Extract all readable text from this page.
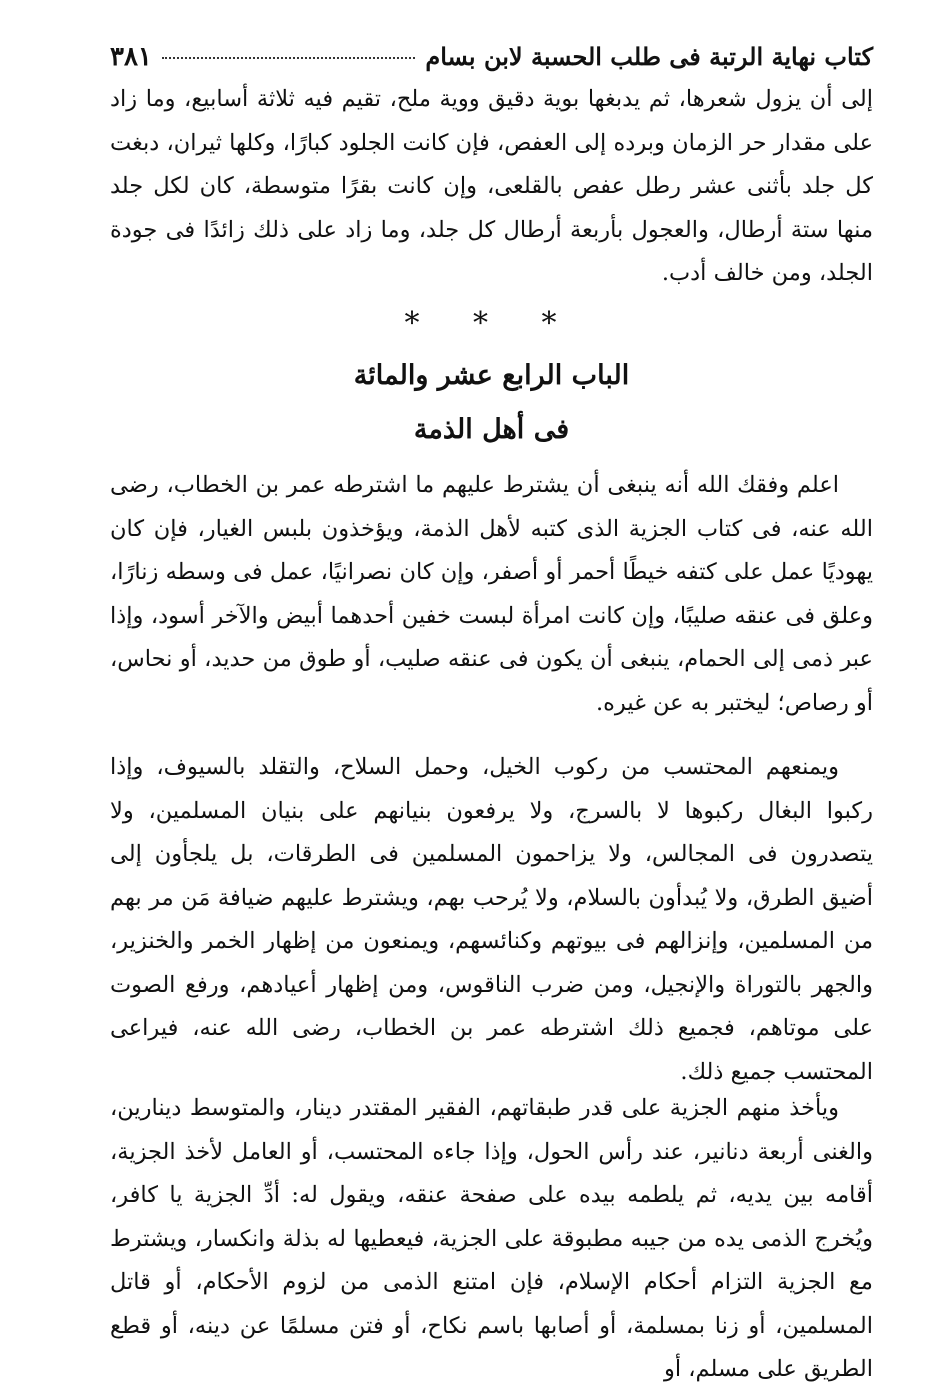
كتاب نهاية الرتبة فى طلب الحسبة لابن بسام
٣٨١
إلى أن يزول شعرها، ثم يدبغها بوية دقيق ووية ملح، تقيم فيه ثلاثة أسابيع، وما زاد على مقدار حر الزمان وبرده إلى العفص، فإن كانت الجلود كبارًا، وكلها ثيران، دبغت كل جلد بأثنى عشر رطل عفص بالقلعى، وإن كانت بقرًا متوسطة، كان لكل جلد منها ستة أرطال، والعجول بأربعة أرطال كل جلد، وما زاد على ذلك زائدًا فى جودة الجلد، ومن خالف أدب.
* * *
الباب الرابع عشر والمائة
فى أهل الذمة
اعلم وفقك الله أنه ينبغى أن يشترط عليهم ما اشترطه عمر بن الخطاب، رضى الله عنه، فى كتاب الجزية الذى كتبه لأهل الذمة، ويؤخذون بلبس الغيار، فإن كان يهوديًا عمل على كتفه خيطًا أحمر أو أصفر، وإن كان نصرانيًا، عمل فى وسطه زنارًا، وعلق فى عنقه صليبًا، وإن كانت امرأة لبست خفين أحدهما أبيض والآخر أسود، وإذا عبر ذمى إلى الحمام، ينبغى أن يكون فى عنقه صليب، أو طوق من حديد، أو نحاس، أو رصاص؛ ليختبر به عن غيره.
ويمنعهم المحتسب من ركوب الخيل، وحمل السلاح، والتقلد بالسيوف، وإذا ركبوا البغال ركبوها لا بالسرج، ولا يرفعون بنيانهم على بنيان المسلمين، ولا يتصدرون فى المجالس، ولا يزاحمون المسلمين فى الطرقات، بل يلجأون إلى أضيق الطرق، ولا يُبدأون بالسلام، ولا يُرحب بهم، ويشترط عليهم ضيافة مَن مر بهم من المسلمين، وإنزالهم فى بيوتهم وكنائسهم، ويمنعون من إظهار الخمر والخنزير، والجهر بالتوراة والإنجيل، ومن ضرب الناقوس، ومن إظهار أعيادهم، ورفع الصوت على موتاهم، فجميع ذلك اشترطه عمر بن الخطاب، رضى الله عنه، فيراعى المحتسب جميع ذلك.
ويأخذ منهم الجزية على قدر طبقاتهم، الفقير المقتدر دينار، والمتوسط دينارين، والغنى أربعة دنانير، عند رأس الحول، وإذا جاءه المحتسب، أو العامل لأخذ الجزية، أقامه بين يديه، ثم يلطمه بيده على صفحة عنقه، ويقول له: أدِّ الجزية يا كافر، ويُخرج الذمى يده من جيبه مطبوقة على الجزية، فيعطيها له بذلة وانكسار، ويشترط مع الجزية التزام أحكام الإسلام، فإن امتنع الذمى من لزوم الأحكام، أو قاتل المسلمين، أو زنا بمسلمة، أو أصابها باسم نكاح، أو فتن مسلمًا عن دينه، أو قطع الطريق على مسلم، أو
